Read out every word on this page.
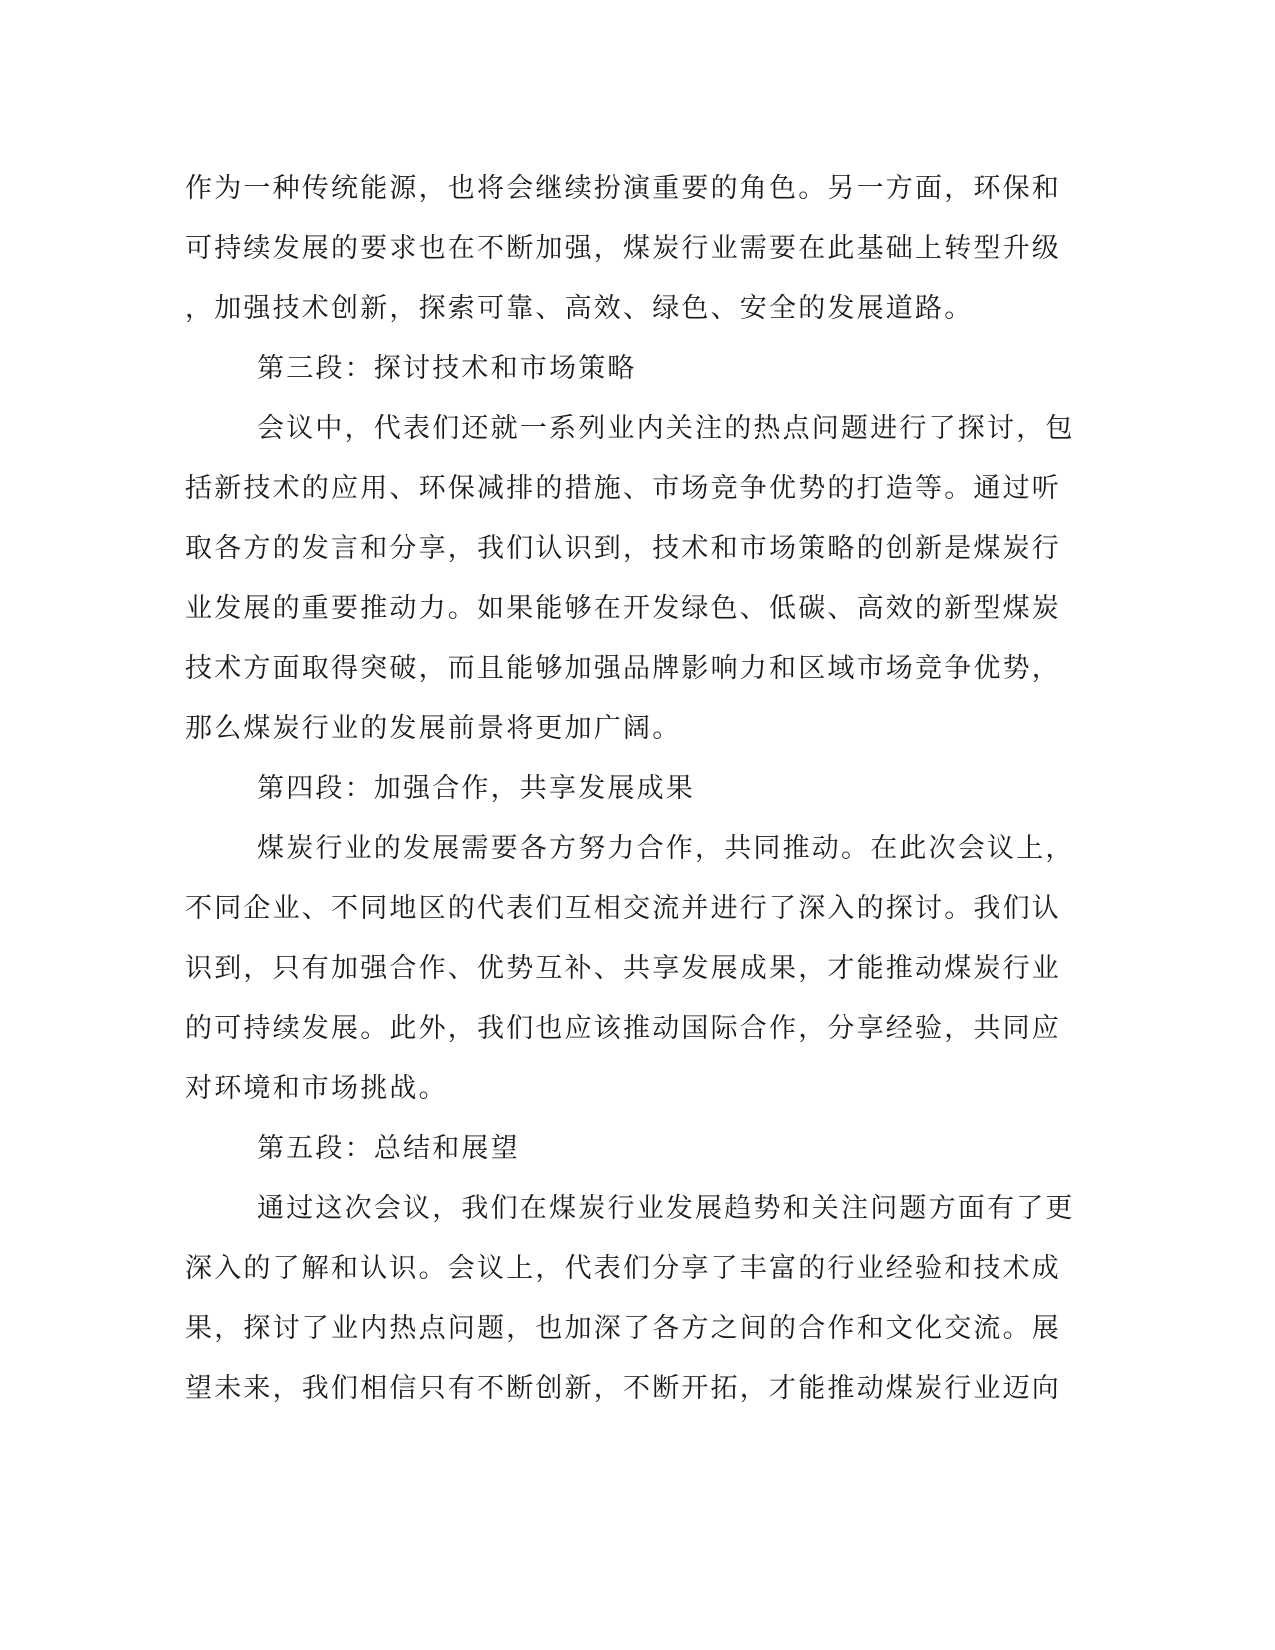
作为一种传统能源，也将会继续扮演重要的角色。另一方面，环保和
可持续发展的要求也在不断加强，煤炭行业需要在此基础上转型升级
，加强技术创新，探索可靠、高效、绿色、安全的发展道路。
第三段：探讨技术和市场策略
会议中，代表们还就一系列业内关注的热点问题进行了探讨，包
括新技术的应用、环保减排的措施、市场竞争优势的打造等。通过听
取各方的发言和分享，我们认识到，技术和市场策略的创新是煤炭行
业发展的重要推动力。如果能够在开发绿色、低碳、高效的新型煤炭
技术方面取得突破，而且能够加强品牌影响力和区域市场竞争优势，
那么煤炭行业的发展前景将更加广阔。
第四段：加强合作，共享发展成果
煤炭行业的发展需要各方努力合作，共同推动。在此次会议上，
不同企业、不同地区的代表们互相交流并进行了深入的探讨。我们认
识到，只有加强合作、优势互补、共享发展成果，才能推动煤炭行业
的可持续发展。此外，我们也应该推动国际合作，分享经验，共同应
对环境和市场挑战。
第五段：总结和展望
通过这次会议，我们在煤炭行业发展趋势和关注问题方面有了更
深入的了解和认识。会议上，代表们分享了丰富的行业经验和技术成
果，探讨了业内热点问题，也加深了各方之间的合作和文化交流。展
望未来，我们相信只有不断创新，不断开拓，才能推动煤炭行业迈向
